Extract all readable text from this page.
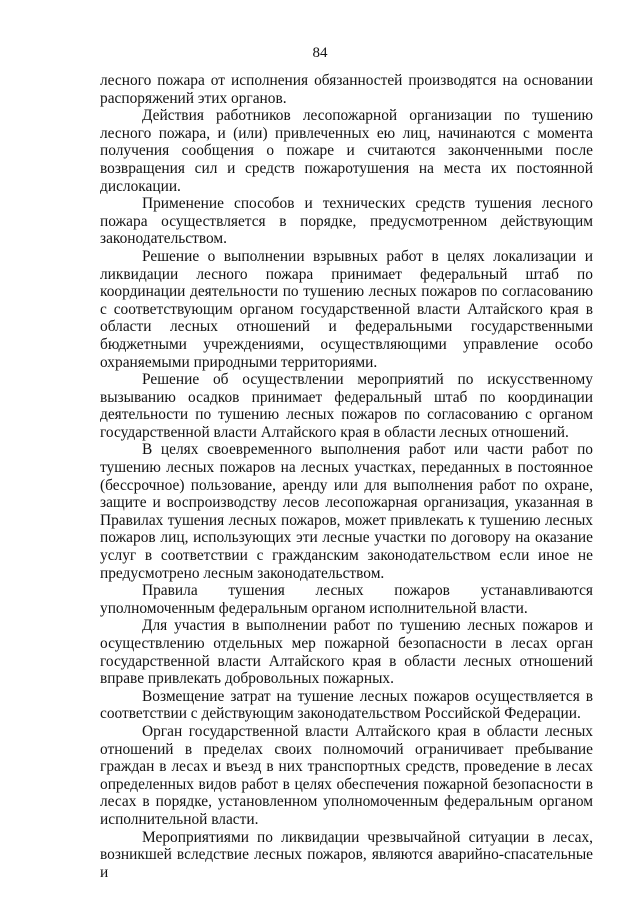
84

лесного пожара от исполнения обязанностей производятся на основании распоряжений этих органов.

Действия работников лесопожарной организации по тушению лесного пожара, и (или) привлеченных ею лиц, начинаются с момента получения сообщения о пожаре и считаются законченными после возвращения сил и средств пожаротушения на места их постоянной дислокации.

Применение способов и технических средств тушения лесного пожара осуществляется в порядке, предусмотренном действующим законодательством.

Решение о выполнении взрывных работ в целях локализации и ликвидации лесного пожара принимает федеральный штаб по координации деятельности по тушению лесных пожаров по согласованию с соответствующим органом государственной власти Алтайского края в области лесных отношений и федеральными государственными бюджетными учреждениями, осуществляющими управление особо охраняемыми природными территориями.

Решение об осуществлении мероприятий по искусственному вызыванию осадков принимает федеральный штаб по координации деятельности по тушению лесных пожаров по согласованию с органом государственной власти Алтайского края в области лесных отношений.

В целях своевременного выполнения работ или части работ по тушению лесных пожаров на лесных участках, переданных в постоянное (бессрочное) пользование, аренду или для выполнения работ по охране, защите и воспроизводству лесов лесопожарная организация, указанная в Правилах тушения лесных пожаров, может привлекать к тушению лесных пожаров лиц, использующих эти лесные участки по договору на оказание услуг в соответствии с гражданским законодательством если иное не предусмотрено лесным законодательством.

Правила тушения лесных пожаров устанавливаются уполномоченным федеральным органом исполнительной власти.

Для участия в выполнении работ по тушению лесных пожаров и осуществлению отдельных мер пожарной безопасности в лесах орган государственной власти Алтайского края в области лесных отношений вправе привлекать добровольных пожарных.

Возмещение затрат на тушение лесных пожаров осуществляется в соответствии с действующим законодательством Российской Федерации.

Орган государственной власти Алтайского края в области лесных отношений в пределах своих полномочий ограничивает пребывание граждан в лесах и въезд в них транспортных средств, проведение в лесах определенных видов работ в целях обеспечения пожарной безопасности в лесах в порядке, установленном уполномоченным федеральным органом исполнительной власти.

Мероприятиями по ликвидации чрезвычайной ситуации в лесах, возникшей вследствие лесных пожаров, являются аварийно-спасательные и
